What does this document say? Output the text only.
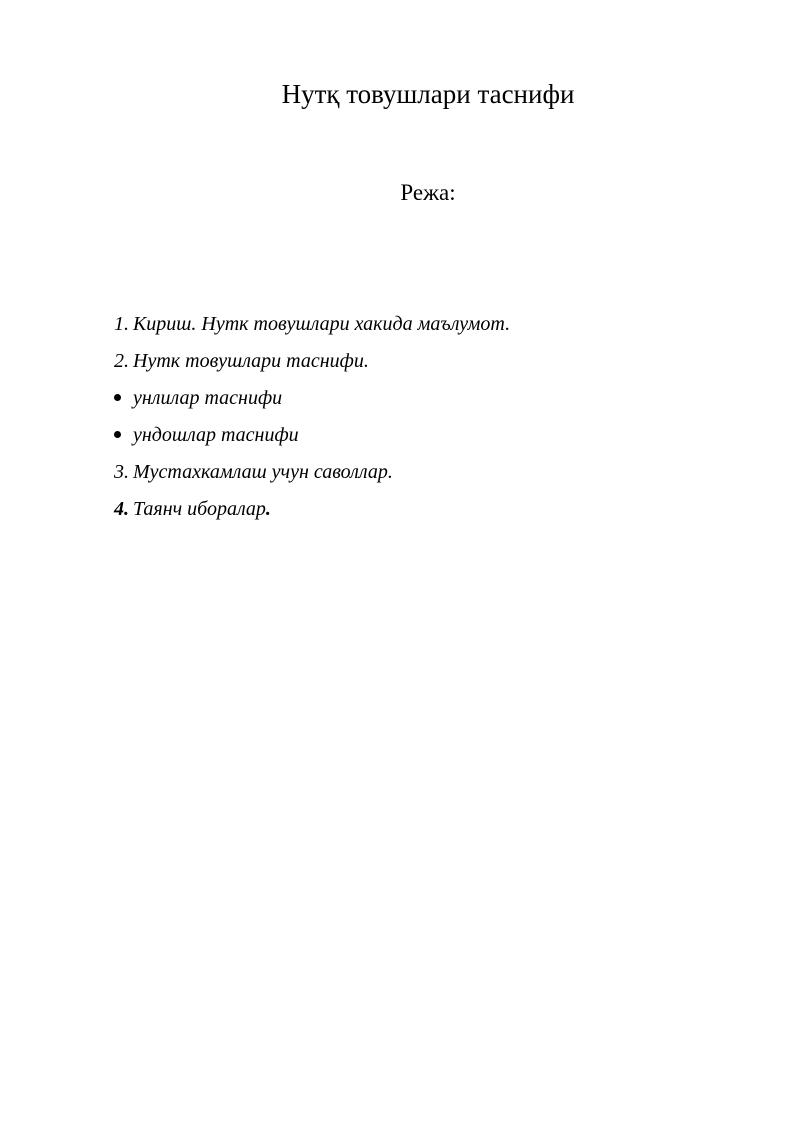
Нутқ товушлари таснифи
Режа:
1. Кириш. Нутк товушлари хакида маълумот.
2. Нутк товушлари таснифи.
унлилар таснифи
ундошлар таснифи
3. Мустахкамлаш учун саволлар.
4. Таянч иборалар .
